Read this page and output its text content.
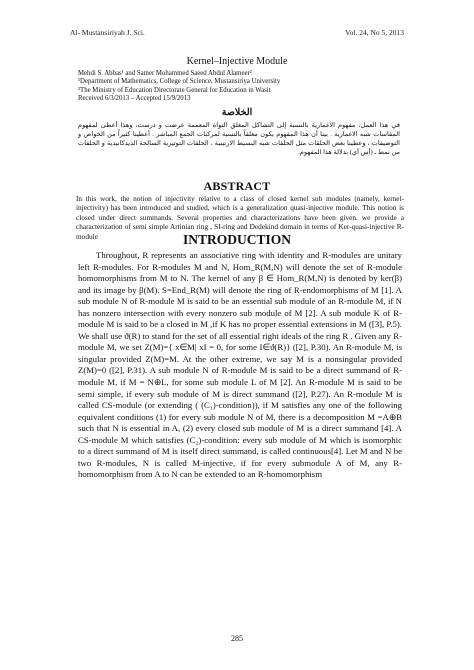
Al- Mustansiriyah J. Sci.	Vol. 24, No 5, 2013
Kernel–Injective Module
Mehdi S. Abbas¹ and Samer Mohammed Saeed Abdul Alameer²
¹Department of Mathematics, College of Science, Mustansiriya University
²The Ministry of Education Directorate General for Education in Wasit
Received 6/3/2013 – Accepted 15/9/2013
الخلاصة
في هذا العمل، مفهوم الاغمارية بالنسبة إلى التشاكل المغلق النواة المعممة عرضت و درست، وهذا أعطى لمفهوم المقاسات شبه الاغمارية . بينا أن هذا المفهوم يكون مغلقاً بالنسبة لمركبات الجمع المباشر . أعطينا كثيراً من الخواص و التوصيفات ، وعطينا بعض الحلقات مثل الحلقات شبه البسيط الارتينية ، الحلقات التوتيرية السالحة الديدكانيدية و الحلقات من نمط ـ (أس أي) بدلالة هذا المفهوم.
ABSTRACT
In this work, the notion of injectivity relative to a class of closed kernel sub modules (namely, kernel-injectivity) has been introduced and studied, which is a generalization quasi-injective module. This notion is closed under direct summands. Several properties and characterizations have been given. we provide a characterization of semi simple Artinian ring , SI-ring and Dedekind domain in terms of Ker-quasi-injective R-module	INTRODUCTION

Throughout, R represents an associative ring with identity and R-modules are unitary left R-modules. For R-modules M and N, Hom_R(M,N) will denote the set of R-module homomorphisms from M to N. The kernel of any β ∈ Hom_R(M,N) is denoted by ker(β) and its image by β(M). S=End_R(M) will denote the ring of R-endomorphisms of M [1]. A sub module N of R-module M is said to be an essential sub module of an R-module M, if N has nonzero intersection with every nonzero sub module of M [2]. A sub module K of R-module M is said to be a closed in M ,if K has no proper essential extensions in M ([3], P.5). We shall use ϑ(R) to stand for the set of all essential right ideals of the ring R . Given any R-module M, we set Z(M)={ x∈M| xI = 0, for some I∈ϑ(R)} ([2], P.30). An R-module M, is singular provided Z(M)=M. At the other extreme, we say M is a nonsingular provided Z(M)=0 ([2], P.31). A sub module N of R-module M is said to be a direct summand of R-module M, if M = N⊕L, for some sub module L of M [2]. An R-module M is said to be semi simple, if every sub module of M is direct summand ([2], P.27). An R-module M is called CS-module (or extending ( (C₁)-condition)), if M satisfies any one of the following equivalent conditions (1) for every sub module N of M, there is a decomposition M =A⊕B such that N is essential in A, (2) every closed sub module of M is a direct summand [4]. A CS-module M which satisfies (C₂)-condition: every sub module of M which is isomorphic to a direct summand of M is itself direct summand, is called continuous[4]. Let M and N be two R-modules, N is called M-injective, if for every submodule A of M, any R-homomorphism from A to N can be extended to an R-homomorphism

285
